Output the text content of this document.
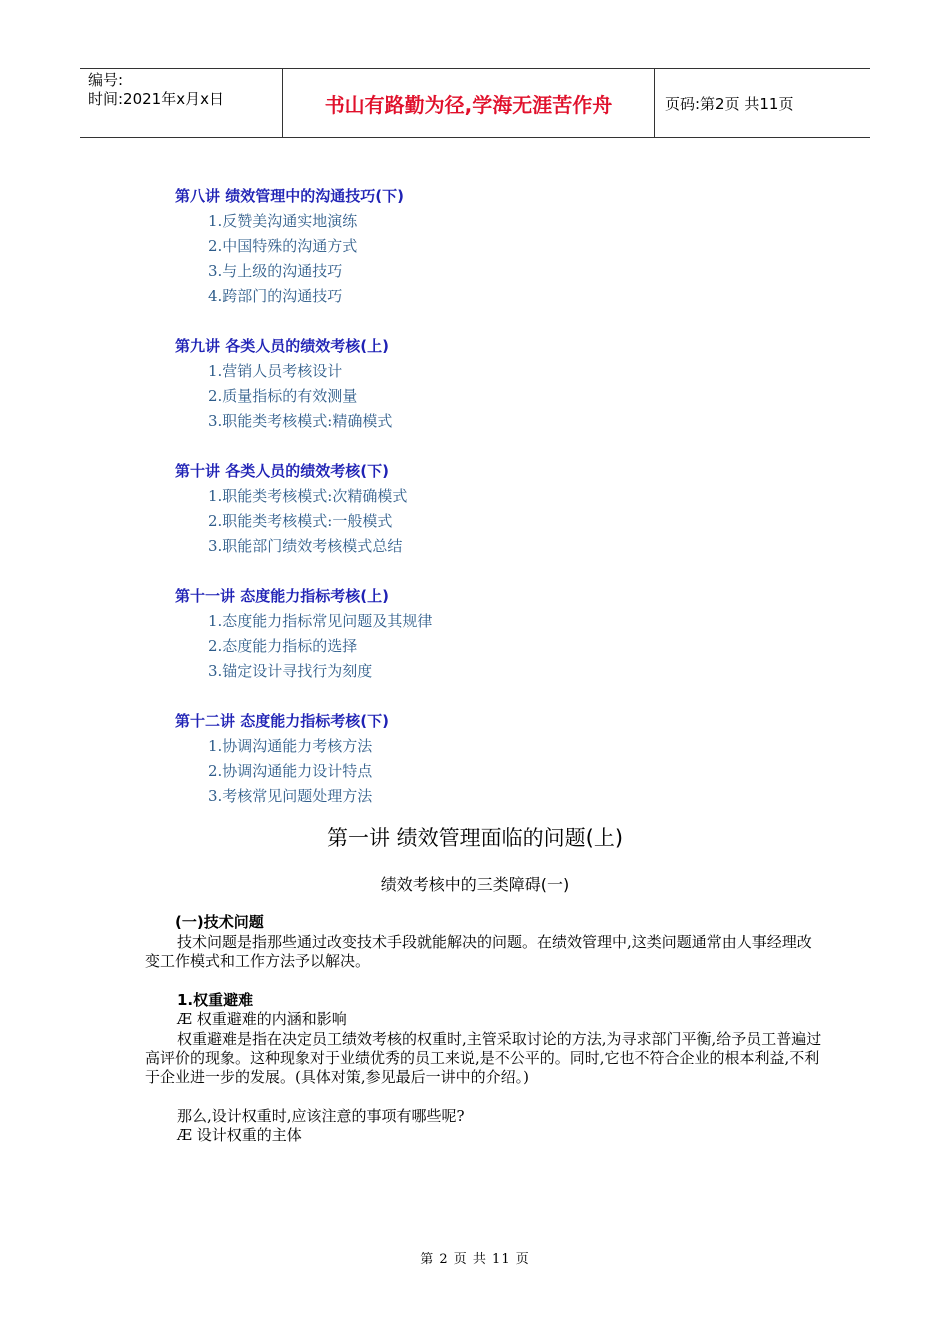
编号:
时间:2021年x月x日	书山有路勤为径,学海无涯苦作舟	页码:第2页 共11页
第八讲 绩效管理中的沟通技巧(下)
1.反赞美沟通实地演练
2.中国特殊的沟通方式
3.与上级的沟通技巧
4.跨部门的沟通技巧
第九讲 各类人员的绩效考核(上)
1.营销人员考核设计
2.质量指标的有效测量
3.职能类考核模式:精确模式
第十讲 各类人员的绩效考核(下)
1.职能类考核模式:次精确模式
2.职能类考核模式:一般模式
3.职能部门绩效考核模式总结
第十一讲 态度能力指标考核(上)
1.态度能力指标常见问题及其规律
2.态度能力指标的选择
3.锚定设计寻找行为刻度
第十二讲 态度能力指标考核(下)
1.协调沟通能力考核方法
2.协调沟通能力设计特点
3.考核常见问题处理方法
第一讲 绩效管理面临的问题(上)
绩效考核中的三类障碍(一)
(一)技术问题
技术问题是指那些通过改变技术手段就能解决的问题。在绩效管理中,这类问题通常由人事经理改变工作模式和工作方法予以解决。
1.权重避难
Æ 权重避难的内涵和影响
权重避难是指在决定员工绩效考核的权重时,主管采取讨论的方法,为寻求部门平衡,给予员工普遍过高评价的现象。这种现象对于业绩优秀的员工来说,是不公平的。同时,它也不符合企业的根本利益,不利于企业进一步的发展。(具体对策,参见最后一讲中的介绍。)
那么,设计权重时,应该注意的事项有哪些呢?
Æ 设计权重的主体
第 2 页 共 11 页
